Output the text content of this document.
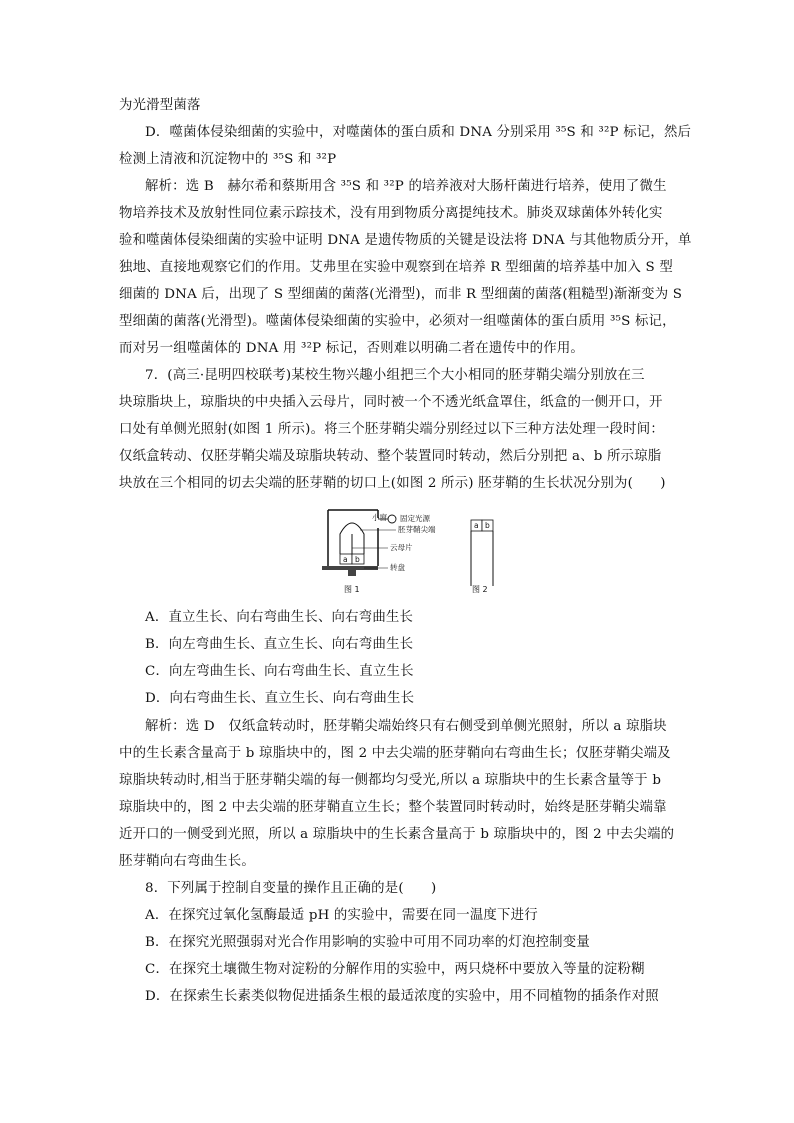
为光滑型菌落
D．噬菌体侵染细菌的实验中，对噬菌体的蛋白质和 DNA 分别采用 ³⁵S 和 ³²P 标记，然后
检测上清液和沉淀物中的 ³⁵S 和 ³²P
解析：选 B　赫尔希和蔡斯用含 ³⁵S 和 ³²P 的培养液对大肠杆菌进行培养，使用了微生
物培养技术及放射性同位素示踪技术，没有用到物质分离提纯技术。肺炎双球菌体外转化实
验和噬菌体侵染细菌的实验中证明 DNA 是遗传物质的关键是设法将 DNA 与其他物质分开，单
独地、直接地观察它们的作用。艾弗里在实验中观察到在培养 R 型细菌的培养基中加入 S 型
细菌的 DNA 后，出现了 S 型细菌的菌落(光滑型)，而非 R 型细菌的菌落(粗糙型)渐渐变为 S
型细菌的菌落(光滑型)。噬菌体侵染细菌的实验中，必须对一组噬菌体的蛋白质用 ³⁵S 标记，
而对另一组噬菌体的 DNA 用 ³²P 标记，否则难以明确二者在遗传中的作用。
7．(高三·昆明四校联考)某校生物兴趣小组把三个大小相同的胚芽鞘尖端分别放在三
块琼脂块上，琼脂块的中央插入云母片，同时被一个不透光纸盒罩住，纸盒的一侧开口，开
口处有单侧光照射(如图 1 所示)。将三个胚芽鞘尖端分别经过以下三种方法处理一段时间：
仅纸盒转动、仅胚芽鞘尖端及琼脂块转动、整个装置同时转动，然后分别把 a、b 所示琼脂
块放在三个相同的切去尖端的胚芽鞘的切口上(如图 2 所示) 胚芽鞘的生长状况分别为(　　)
a b
小窗 固定光源
胚芽鞘尖端
云母片
转盘
图 1
a b
图 2
A．直立生长、向右弯曲生长、向右弯曲生长
B．向左弯曲生长、直立生长、向右弯曲生长
C．向左弯曲生长、向右弯曲生长、直立生长
D．向右弯曲生长、直立生长、向右弯曲生长
解析：选 D　仅纸盒转动时，胚芽鞘尖端始终只有右侧受到单侧光照射，所以 a 琼脂块
中的生长素含量高于 b 琼脂块中的，图 2 中去尖端的胚芽鞘向右弯曲生长；仅胚芽鞘尖端及
琼脂块转动时,相当于胚芽鞘尖端的每一侧都均匀受光,所以 a 琼脂块中的生长素含量等于 b
琼脂块中的，图 2 中去尖端的胚芽鞘直立生长；整个装置同时转动时，始终是胚芽鞘尖端靠
近开口的一侧受到光照，所以 a 琼脂块中的生长素含量高于 b 琼脂块中的，图 2 中去尖端的
胚芽鞘向右弯曲生长。
8．下列属于控制自变量的操作且正确的是(　　)
A．在探究过氧化氢酶最适 pH 的实验中，需要在同一温度下进行
B．在探究光照强弱对光合作用影响的实验中可用不同功率的灯泡控制变量
C．在探究土壤微生物对淀粉的分解作用的实验中，两只烧杯中要放入等量的淀粉糊
D．在探索生长素类似物促进插条生根的最适浓度的实验中，用不同植物的插条作对照
